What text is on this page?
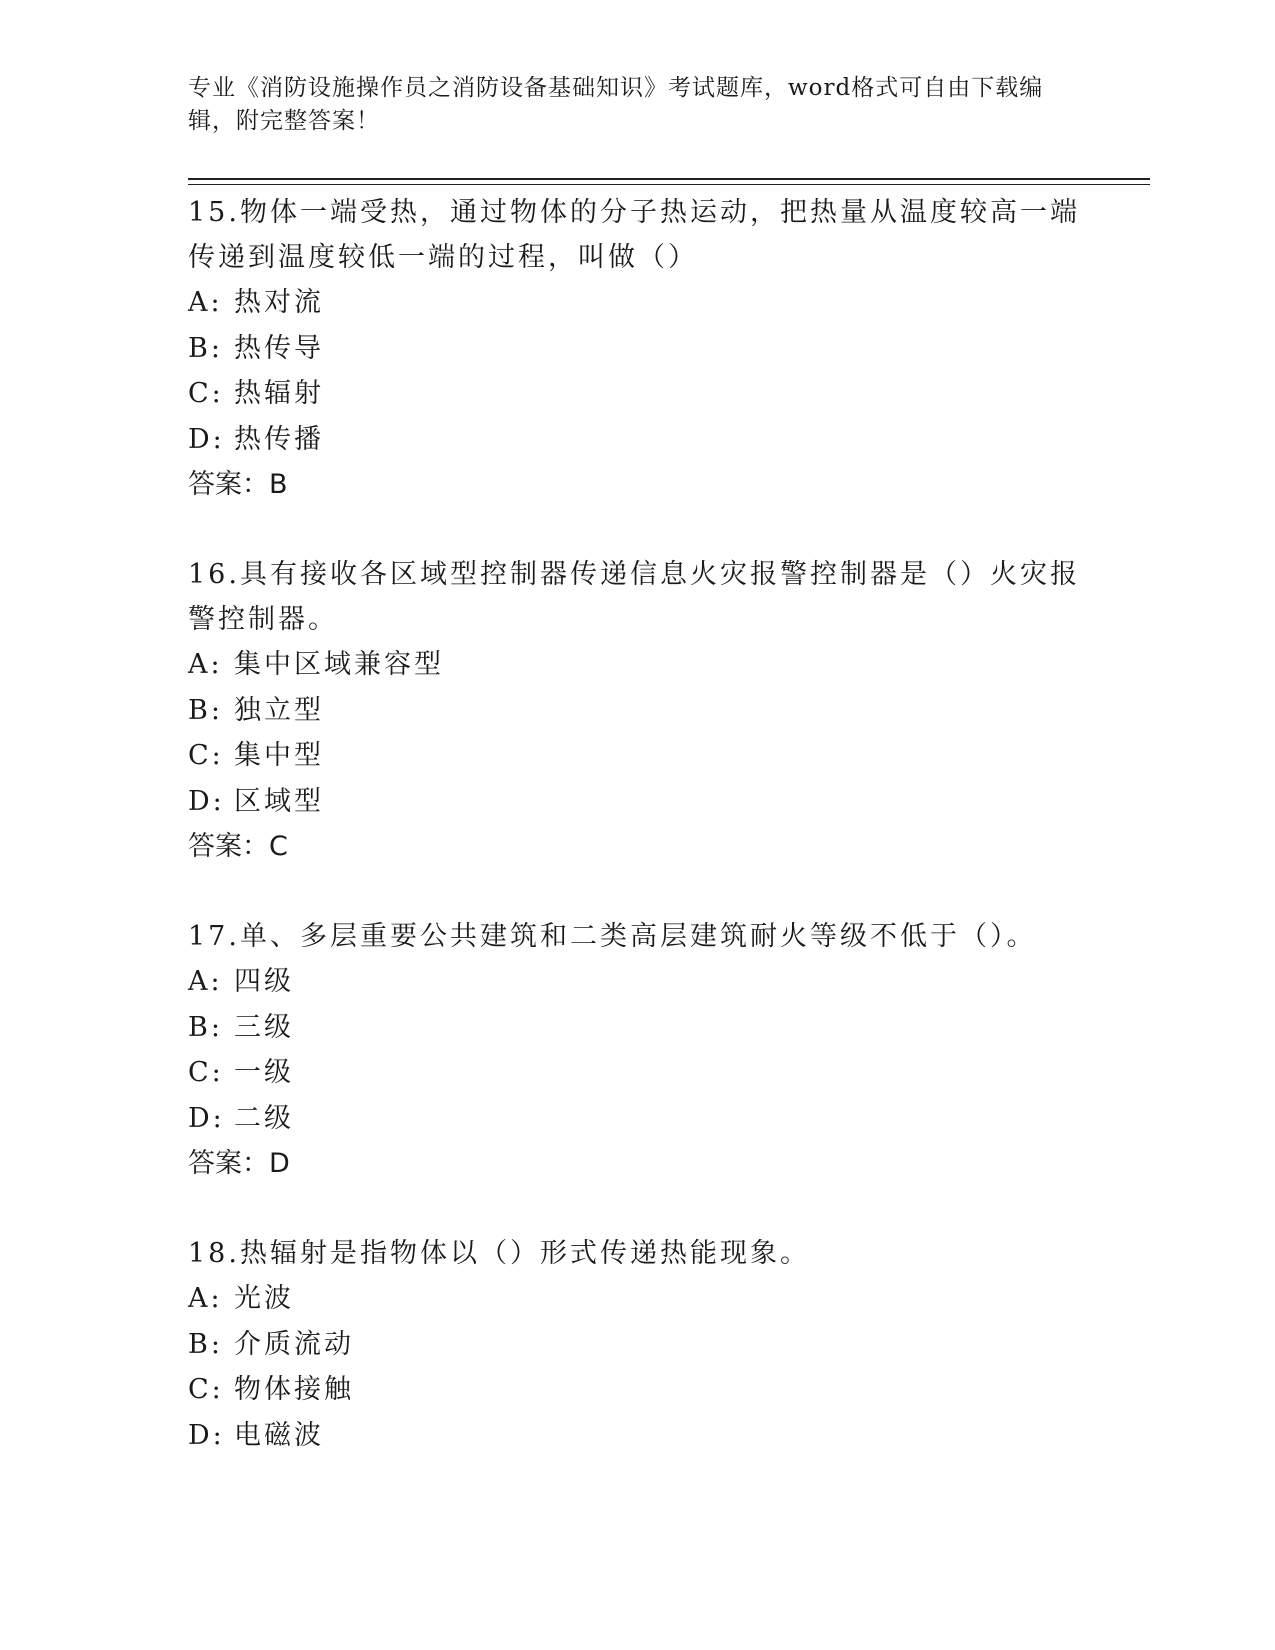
专业《消防设施操作员之消防设备基础知识》考试题库，word格式可自由下载编辑，附完整答案！

15.物体一端受热，通过物体的分子热运动，把热量从温度较高一端传递到温度较低一端的过程，叫做（）

A: 热对流

B: 热传导

C: 热辐射

D: 热传播

答案：B

16.具有接收各区域型控制器传递信息火灾报警控制器是（）火灾报警控制器。

A: 集中区域兼容型

B: 独立型

C: 集中型

D: 区域型

答案：C

17.单、多层重要公共建筑和二类高层建筑耐火等级不低于（）。

A: 四级

B: 三级

C: 一级

D: 二级

答案：D

18.热辐射是指物体以（）形式传递热能现象。

A: 光波

B: 介质流动

C: 物体接触

D: 电磁波
